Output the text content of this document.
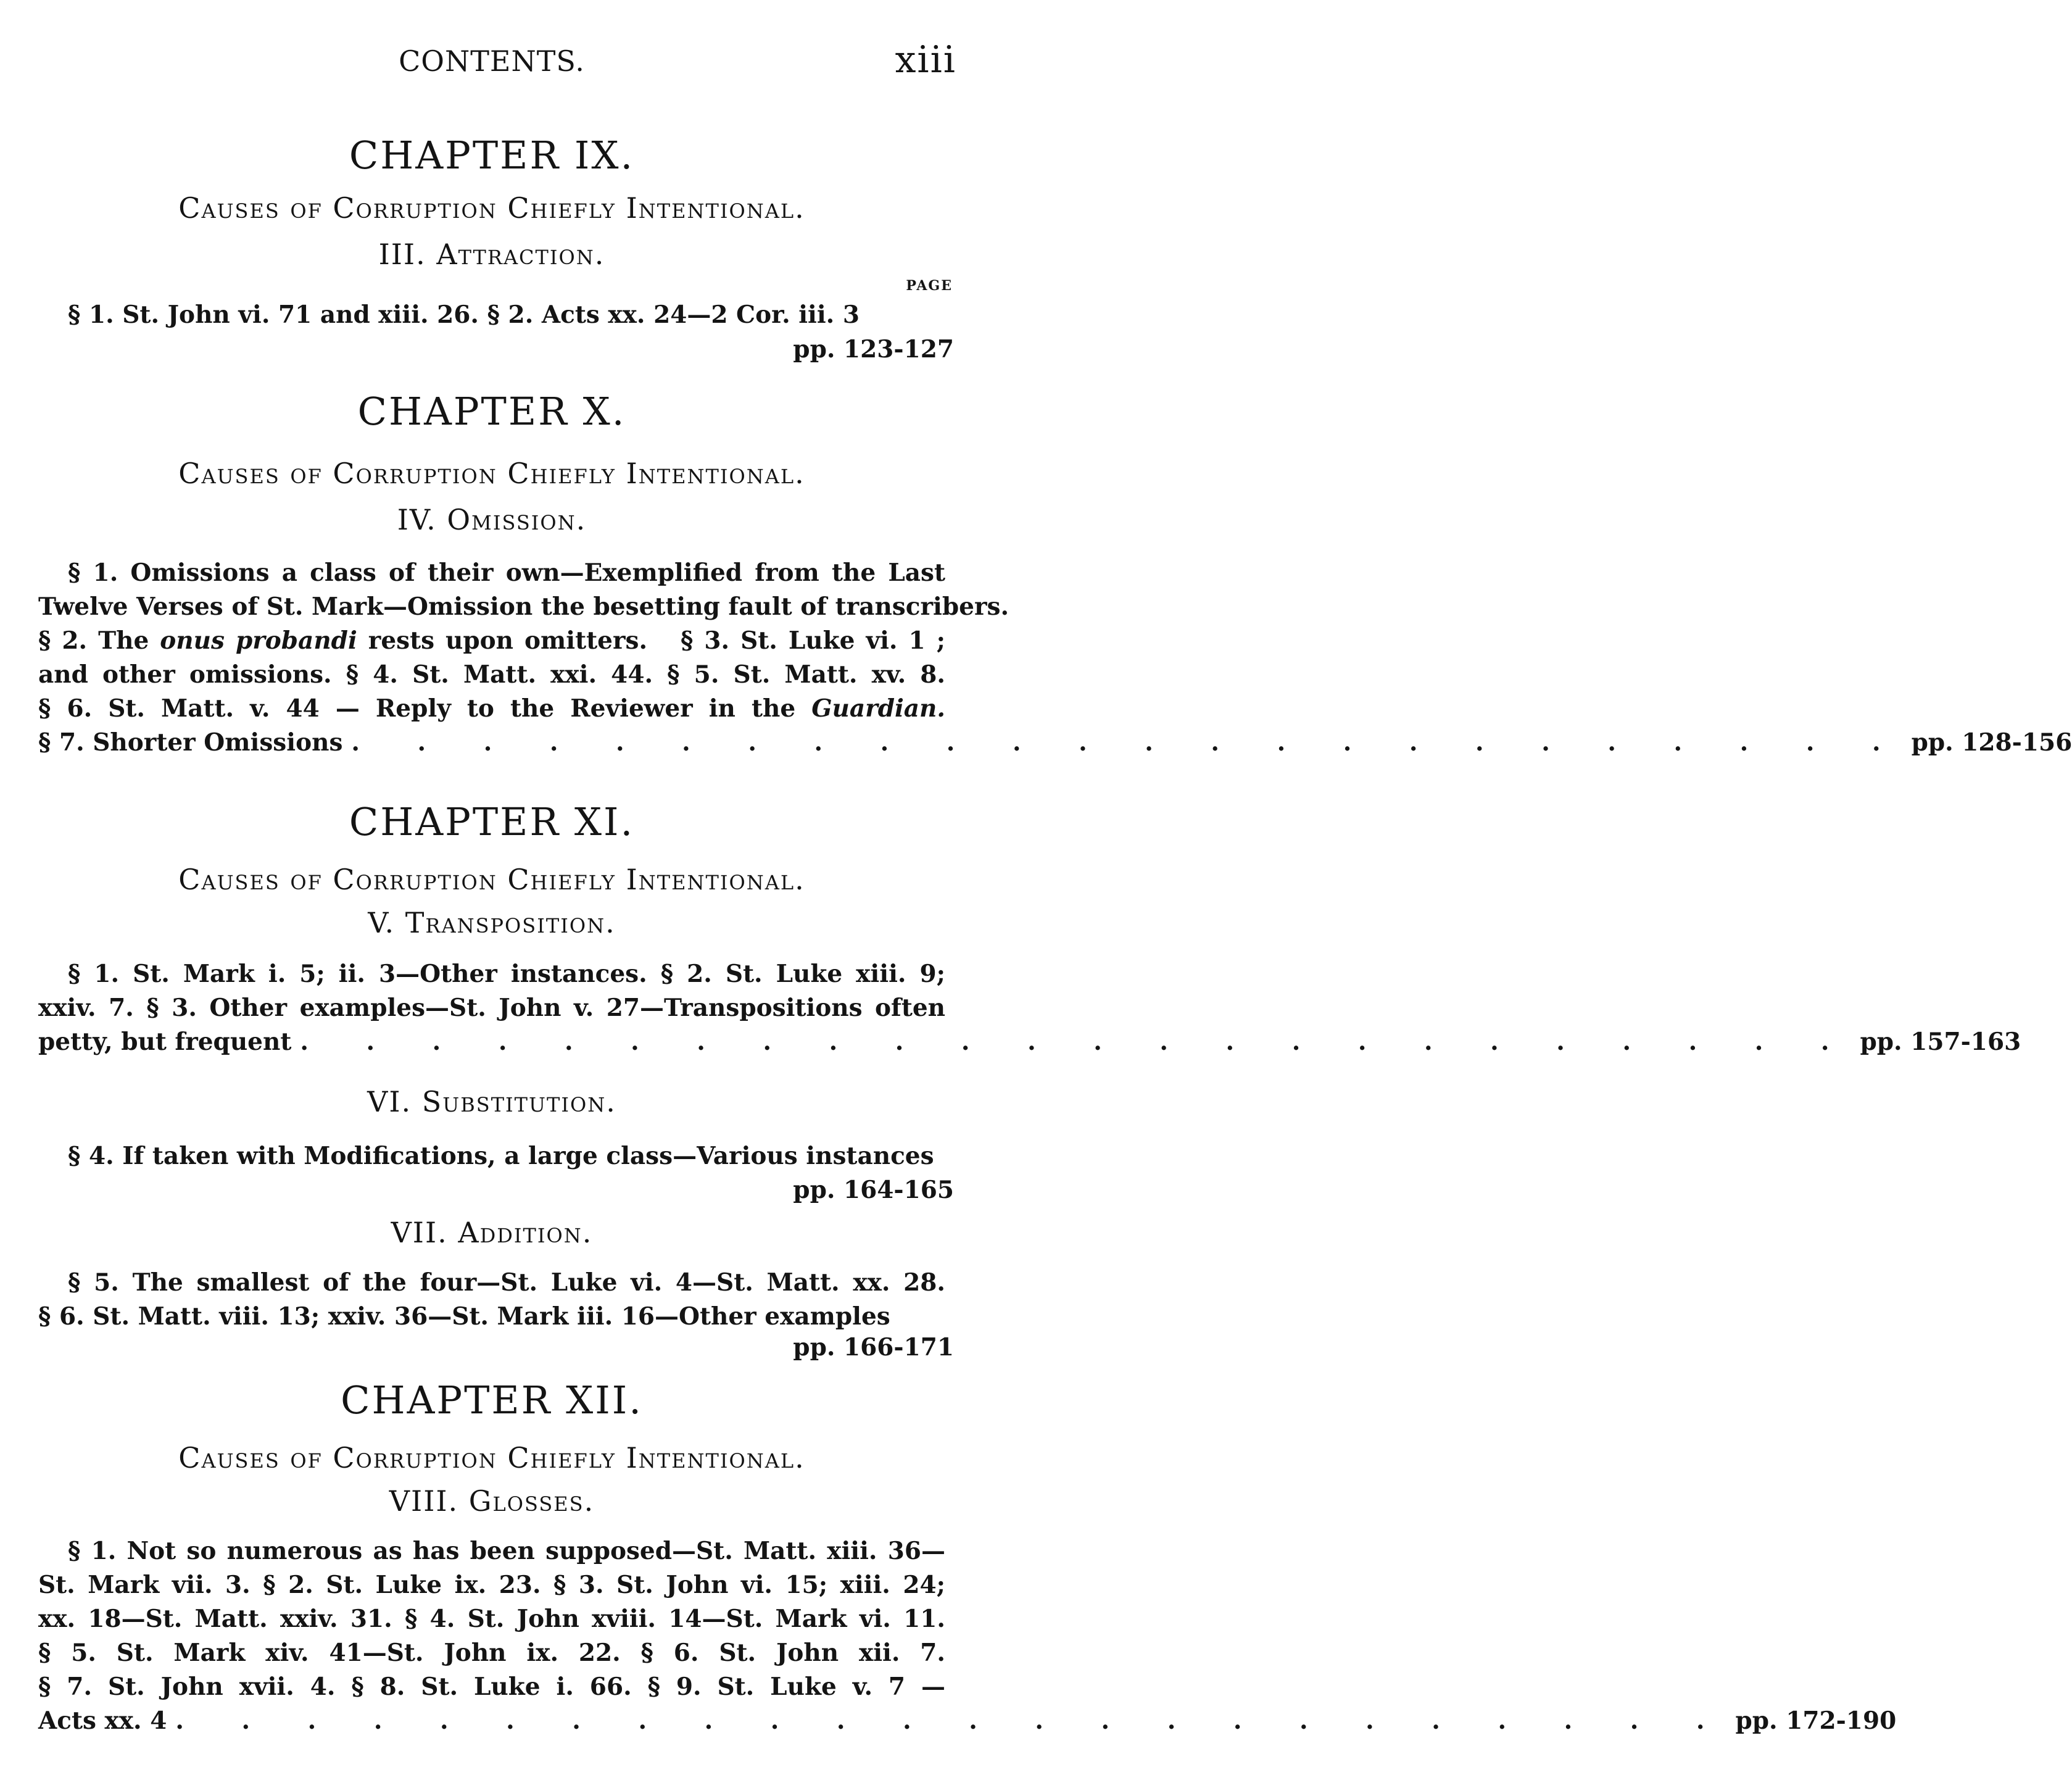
CONTENTS.	xiii
CHAPTER IX.
Causes of Corruption Chiefly Intentional.
III. Attraction.
PAGE
§ 1. St. John vi. 71 and xiii. 26. § 2. Acts xx. 24—2 Cor. iii. 3
pp. 123-127
CHAPTER X.
Causes of Corruption Chiefly Intentional.
IV. Omission.
§ 1. Omissions a class of their own—Exemplified from the Last
Twelve Verses of St. Mark—Omission the besetting fault of transcribers.
§ 2. The onus probandi rests upon omitters. § 3. St. Luke vi. 1 ;
and other omissions. § 4. St. Matt. xxi. 44. § 5. St. Matt. xv. 8.
§ 6. St. Matt. v. 44 — Reply to the Reviewer in the Guardian.
§ 7. Shorter Omissions . . . . . . . . . . . . . . . . . . . . . . . . pp. 128-156
CHAPTER XI.
Causes of Corruption Chiefly Intentional.
V. Transposition.
§ 1. St. Mark i. 5; ii. 3—Other instances. § 2. St. Luke xiii. 9;
xxiv. 7. § 3. Other examples—St. John v. 27—Transpositions often
petty, but frequent . . . . . . . . . . . . . . . . . . . . . . . . pp. 157-163
VI. Substitution.
§ 4. If taken with Modifications, a large class—Various instances
pp. 164-165
VII. Addition.
§ 5. The smallest of the four—St. Luke vi. 4—St. Matt. xx. 28.
§ 6. St. Matt. viii. 13; xxiv. 36—St. Mark iii. 16—Other examples
pp. 166-171
CHAPTER XII.
Causes of Corruption Chiefly Intentional.
VIII. Glosses.
§ 1. Not so numerous as has been supposed—St. Matt. xiii. 36—
St. Mark vii. 3. § 2. St. Luke ix. 23. § 3. St. John vi. 15; xiii. 24;
xx. 18—St. Matt. xxiv. 31. § 4. St. John xviii. 14—St. Mark vi. 11.
§ 5. St. Mark xiv. 41—St. John ix. 22. § 6. St. John xii. 7.
§ 7. St. John xvii. 4. § 8. St. Luke i. 66. § 9. St. Luke v. 7 —
Acts xx. 4 . . . . . . . . . . . . . . . . . . . . . . . . pp. 172-190
